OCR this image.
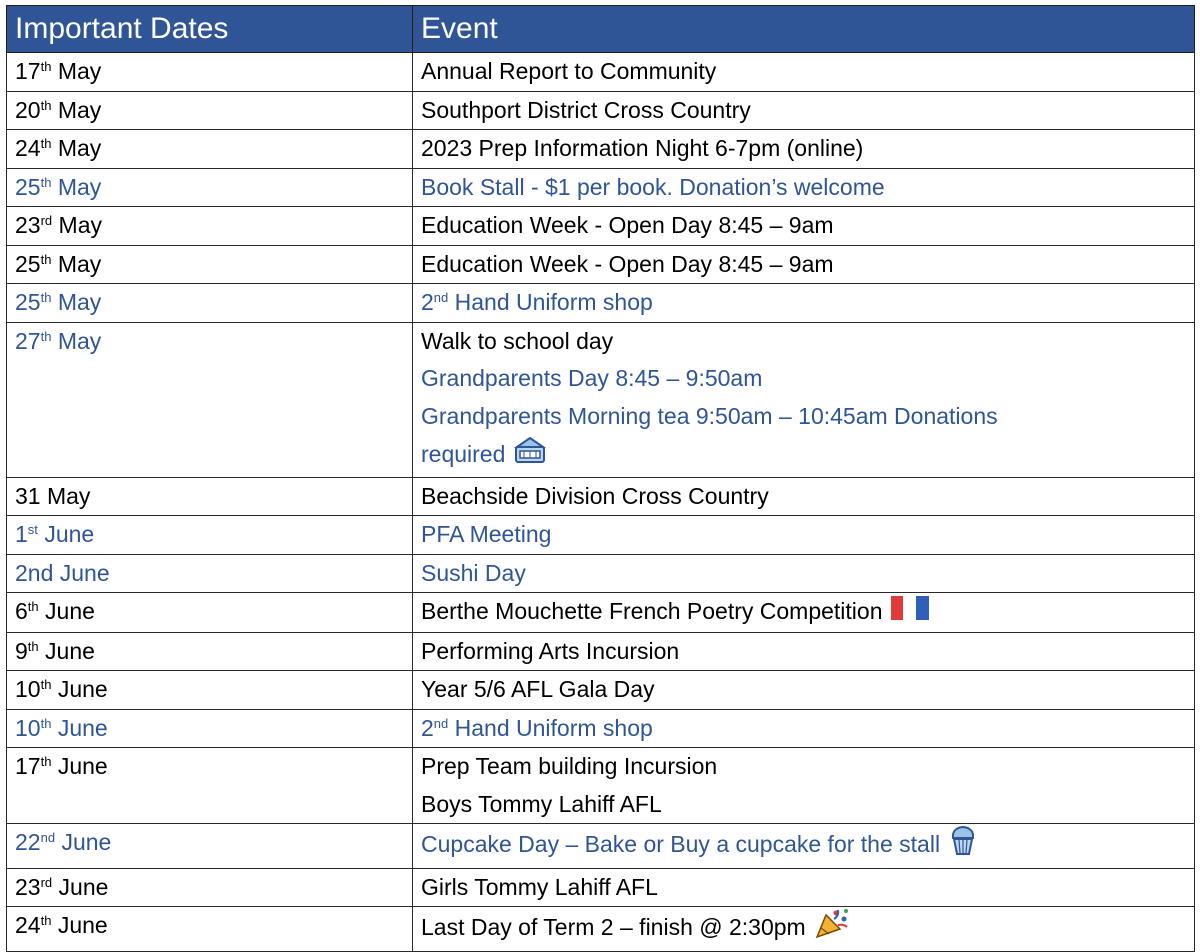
Important Dates	Event
17th May	Annual Report to Community

20th May	Southport District Cross Country

24th May	2023 Prep Information Night 6-7pm (online)

25th May	Book Stall - $1 per book. Donation’s welcome

23rd May	Education Week - Open Day 8:45 – 9am

25th May	Education Week - Open Day 8:45 – 9am

25th May	2nd Hand Uniform shop

27th May	Walk to school day
Grandparents Day 8:45 – 9:50am
Grandparents Morning tea 9:50am – 10:45am Donations
required

31 May	Beachside Division Cross Country

1st June	PFA Meeting

2nd June	Sushi Day

6th June	Berthe Mouchette French Poetry Competition

9th June	Performing Arts Incursion

10th June	Year 5/6 AFL Gala Day

10th June	2nd Hand Uniform shop

17th June	Prep Team building Incursion
Boys Tommy Lahiff AFL

22nd June	Cupcake Day – Bake or Buy a cupcake for the stall

23rd June	Girls Tommy Lahiff AFL

24th June	Last Day of Term 2 – finish @ 2:30pm
